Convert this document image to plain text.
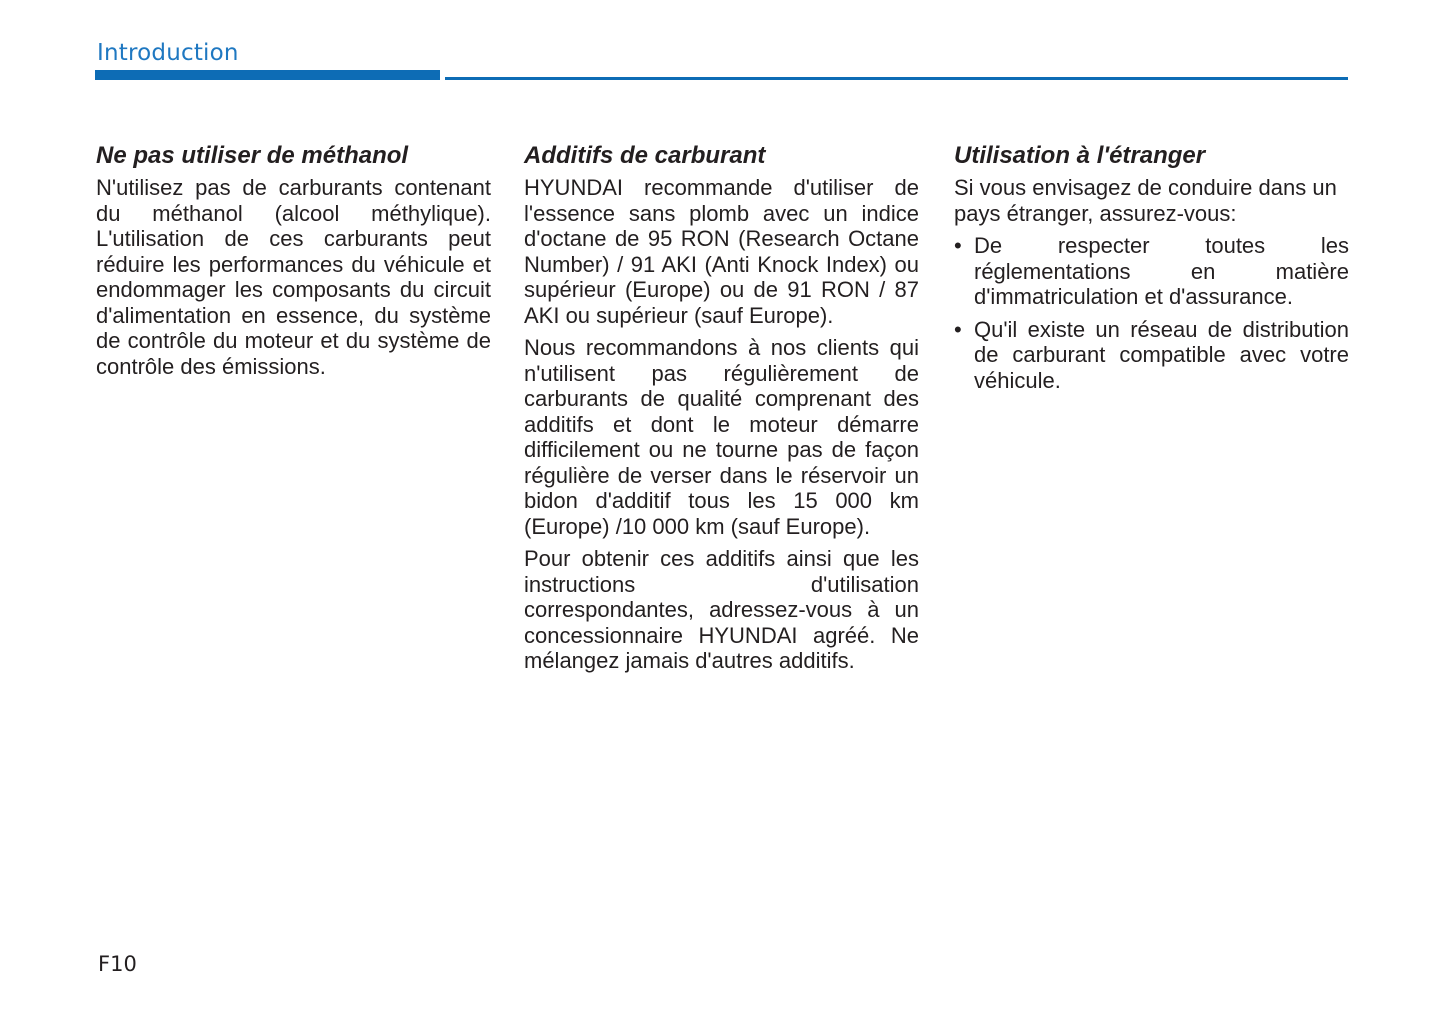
Introduction
Ne pas utiliser de méthanol

N'utilisez pas de carburants contenant du méthanol (alcool méthylique). L'utilisation de ces carburants peut réduire les performances du véhicule et endommager les composants du circuit d'alimentation en essence, du système de contrôle du moteur et du système de contrôle des émissions.

Additifs de carburant

HYUNDAI recommande d'utiliser de l'essence sans plomb avec un indice d'octane de 95 RON (Research Octane Number) / 91 AKI (Anti Knock Index) ou supérieur (Europe) ou de 91 RON / 87 AKI ou supérieur (sauf Europe).

Nous recommandons à nos clients qui n'utilisent pas régulièrement de carburants de qualité comprenant des additifs et dont le moteur démarre difficilement ou ne tourne pas de façon régulière de verser dans le réservoir un bidon d'additif tous les 15 000 km (Europe) /10 000 km (sauf Europe).

Pour obtenir ces additifs ainsi que les instructions d'utilisation correspondantes, adressez-vous à un concessionnaire HYUNDAI agréé. Ne mélangez jamais d'autres additifs.

Utilisation à l'étranger

Si vous envisagez de conduire dans un pays étranger, assurez-vous:

• De respecter toutes les réglementations en matière d'immatriculation et d'assurance.
• Qu'il existe un réseau de distribution de carburant compatible avec votre véhicule.
F10
